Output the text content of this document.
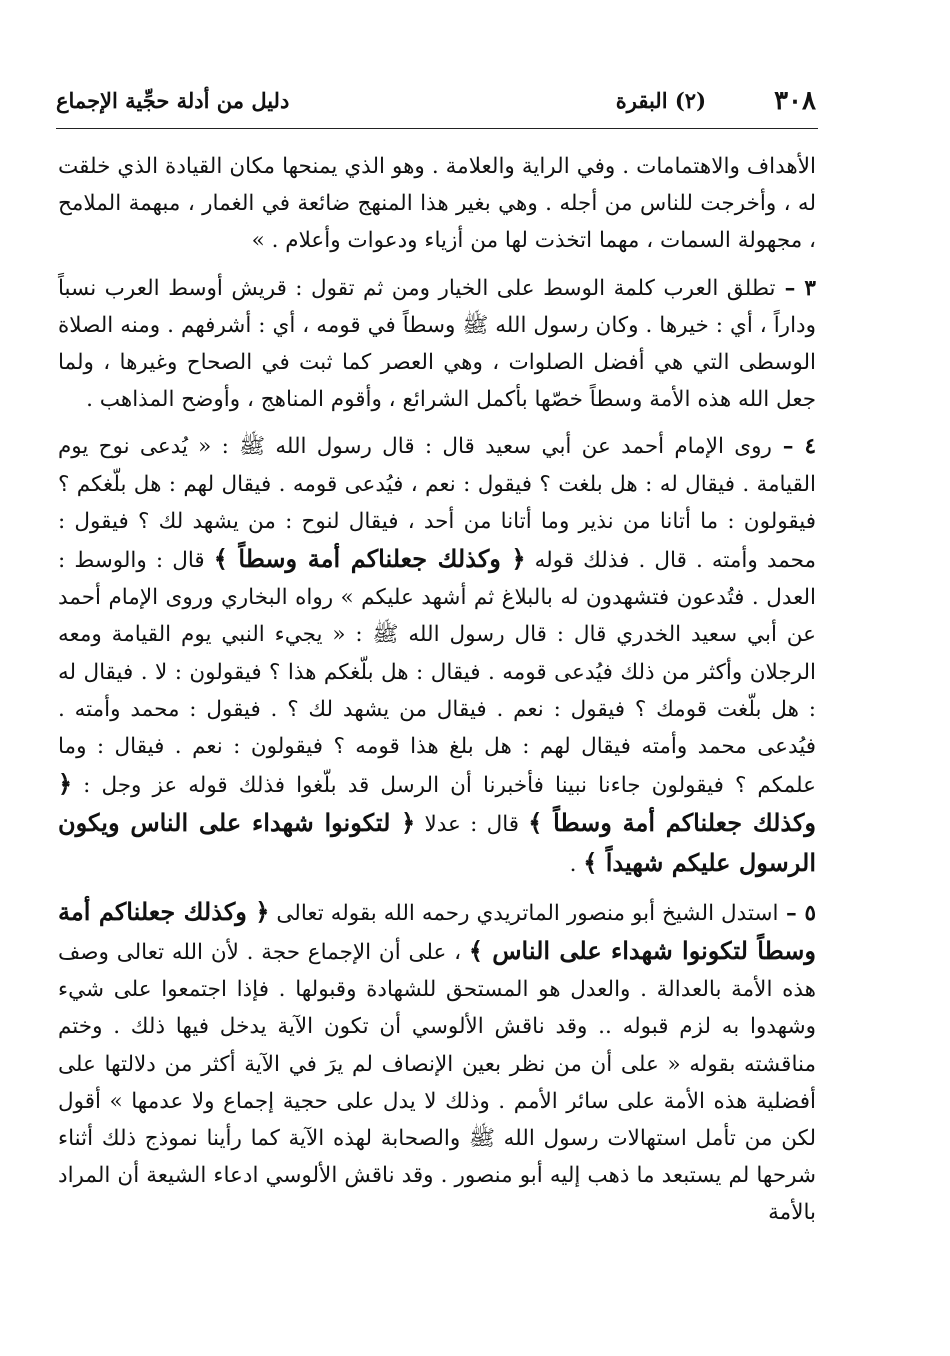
٣٠٨
(٢) البقرة
دليل من أدلة حجِّية الإجماع

الأهداف والاهتمامات . وفي الراية والعلامة . وهو الذي يمنحها مكان القيادة الذي خلقت له ، وأخرجت للناس من أجله . وهي بغير هذا المنهج ضائعة في الغمار ، مبهمة الملامح ، مجهولة السمات ، مهما اتخذت لها من أزياء ودعوات وأعلام . »

٣ – تطلق العرب كلمة الوسط على الخيار ومن ثم تقول : قريش أوسط العرب نسباً وداراً ، أي : خيرها . وكان رسول الله ﷺ وسطاً في قومه ، أي : أشرفهم . ومنه الصلاة الوسطى التي هي أفضل الصلوات ، وهي العصر كما ثبت في الصحاح وغيرها ، ولما جعل الله هذه الأمة وسطاً خصّها بأكمل الشرائع ، وأقوم المناهج ، وأوضح المذاهب .

٤ – روى الإمام أحمد عن أبي سعيد قال : قال رسول الله ﷺ : « يُدعى نوح يوم القيامة . فيقال له : هل بلغت ؟ فيقول : نعم ، فيُدعى قومه . فيقال لهم : هل بلّغكم ؟ فيقولون : ما أتانا من نذير وما أتانا من أحد ، فيقال لنوح : من يشهد لك ؟ فيقول : محمد وأمته . قال . فذلك قوله ﴿ وكذلك جعلناكم أمة وسطاً ﴾ قال : والوسط : العدل . فتُدعون فتشهدون له بالبلاغ ثم أشهد عليكم » رواه البخاري وروى الإمام أحمد عن أبي سعيد الخدري قال : قال رسول الله ﷺ : « يجيء النبي يوم القيامة ومعه الرجلان وأكثر من ذلك فيُدعى قومه . فيقال : هل بلّغكم هذا ؟ فيقولون : لا . فيقال له : هل بلّغت قومك ؟ فيقول : نعم . فيقال من يشهد لك ؟ . فيقول : محمد وأمته . فيُدعى محمد وأمته فيقال لهم : هل بلغ هذا قومه ؟ فيقولون : نعم . فيقال : وما علمكم ؟ فيقولون جاءنا نبينا فأخبرنا أن الرسل قد بلّغوا فذلك قوله عز وجل : ﴿ وكذلك جعلناكم أمة وسطاً ﴾ قال : عدلا ﴿ لتكونوا شهداء على الناس ويكون الرسول عليكم شهيداً ﴾ .

٥ – استدل الشيخ أبو منصور الماتريدي رحمه الله بقوله تعالى ﴿ وكذلك جعلناكم أمة وسطاً لتكونوا شهداء على الناس ﴾ ، على أن الإجماع حجة . لأن الله تعالى وصف هذه الأمة بالعدالة . والعدل هو المستحق للشهادة وقبولها . فإذا اجتمعوا على شيء وشهدوا به لزم قبوله .. وقد ناقش الألوسي أن تكون الآية يدخل فيها ذلك . وختم مناقشته بقوله « على أن من نظر بعين الإنصاف لم يرَ في الآية أكثر من دلالتها على أفضلية هذه الأمة على سائر الأمم . وذلك لا يدل على حجية إجماع ولا عدمها » أقول لكن من تأمل استهالات رسول الله ﷺ والصحابة لهذه الآية كما رأينا نموذج ذلك أثناء شرحها لم يستبعد ما ذهب إليه أبو منصور . وقد ناقش الألوسي ادعاء الشيعة أن المراد بالأمة
